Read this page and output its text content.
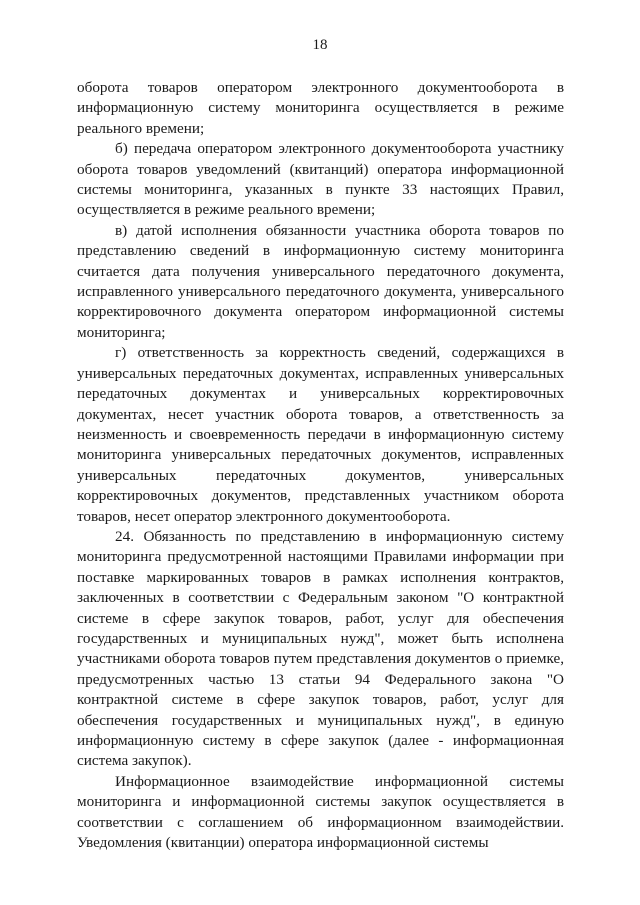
18

оборота товаров оператором электронного документооборота в информационную систему мониторинга осуществляется в режиме реального времени;

б) передача оператором электронного документооборота участнику оборота товаров уведомлений (квитанций) оператора информационной системы мониторинга, указанных в пункте 33 настоящих Правил, осуществляется в режиме реального времени;

в) датой исполнения обязанности участника оборота товаров по представлению сведений в информационную систему мониторинга считается дата получения универсального передаточного документа, исправленного универсального передаточного документа, универсального корректировочного документа оператором информационной системы мониторинга;

г) ответственность за корректность сведений, содержащихся в универсальных передаточных документах, исправленных универсальных передаточных документах и универсальных корректировочных документах, несет участник оборота товаров, а ответственность за неизменность и своевременность передачи в информационную систему мониторинга универсальных передаточных документов, исправленных универсальных передаточных документов, универсальных корректировочных документов, представленных участником оборота товаров, несет оператор электронного документооборота.

24. Обязанность по представлению в информационную систему мониторинга предусмотренной настоящими Правилами информации при поставке маркированных товаров в рамках исполнения контрактов, заключенных в соответствии с Федеральным законом "О контрактной системе в сфере закупок товаров, работ, услуг для обеспечения государственных и муниципальных нужд", может быть исполнена участниками оборота товаров путем представления документов о приемке, предусмотренных частью 13 статьи 94 Федерального закона "О контрактной системе в сфере закупок товаров, работ, услуг для обеспечения государственных и муниципальных нужд", в единую информационную систему в сфере закупок (далее - информационная система закупок).

Информационное взаимодействие информационной системы мониторинга и информационной системы закупок осуществляется в соответствии с соглашением об информационном взаимодействии. Уведомления (квитанции) оператора информационной системы
